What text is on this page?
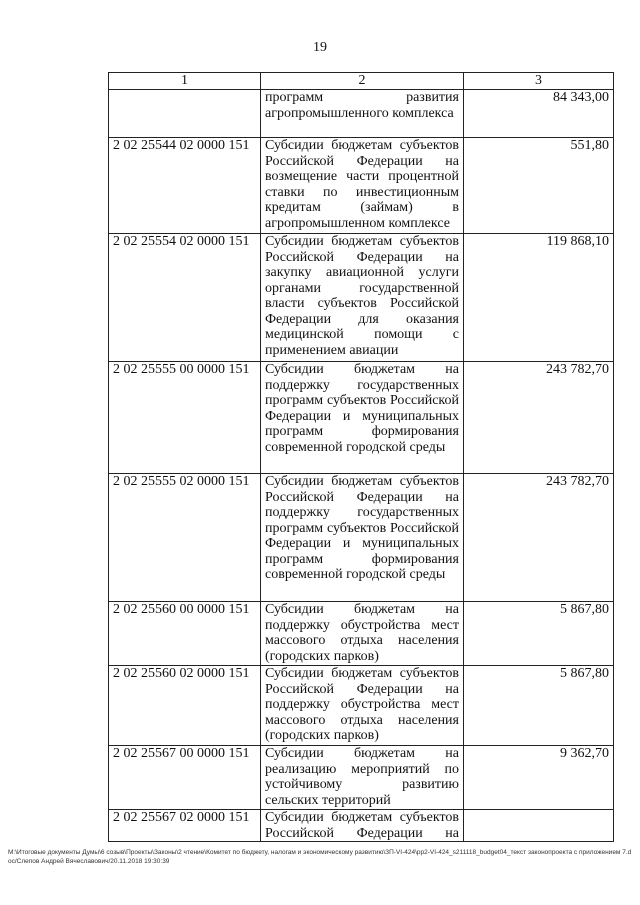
19
1	2	3
	программ развития агропромышленного комплекса	84 343,00
2 02 25544 02 0000 151	Субсидии бюджетам субъектов Российской Федерации на возмещение части процентной ставки по инвестиционным кредитам (займам) в агропромышленном комплексе	551,80
2 02 25554 02 0000 151	Субсидии бюджетам субъектов Российской Федерации на закупку авиационной услуги органами государственной власти субъектов Российской Федерации для оказания медицинской помощи с применением авиации	119 868,10
2 02 25555 00 0000 151	Субсидии бюджетам на поддержку государственных программ субъектов Российской Федерации и муниципальных программ формирования современной городской среды	243 782,70
2 02 25555 02 0000 151	Субсидии бюджетам субъектов Российской Федерации на поддержку государственных программ субъектов Российской Федерации и муниципальных программ формирования современной городской среды	243 782,70
2 02 25560 00 0000 151	Субсидии бюджетам на поддержку обустройства мест массового отдыха населения (городских парков)	5 867,80
2 02 25560 02 0000 151	Субсидии бюджетам субъектов Российской Федерации на поддержку обустройства мест массового отдыха населения (городских парков)	5 867,80
2 02 25567 00 0000 151	Субсидии бюджетам на реализацию мероприятий по устойчивому развитию сельских территорий	9 362,70
2 02 25567 02 0000 151	Субсидии бюджетам субъектов Российской Федерации на	
M:\Итоговые документы Думы\6 созыв\Проекты\Законы\2 чтение\Комитет по бюджету, налогам и экономическому развитию\ЗП-VI-424\pp2-VI-424_s211118_budget04_текст законопроекта с приложением 7.doc/Слепов Андрей Вячеславович/20.11.2018 19:30:39
